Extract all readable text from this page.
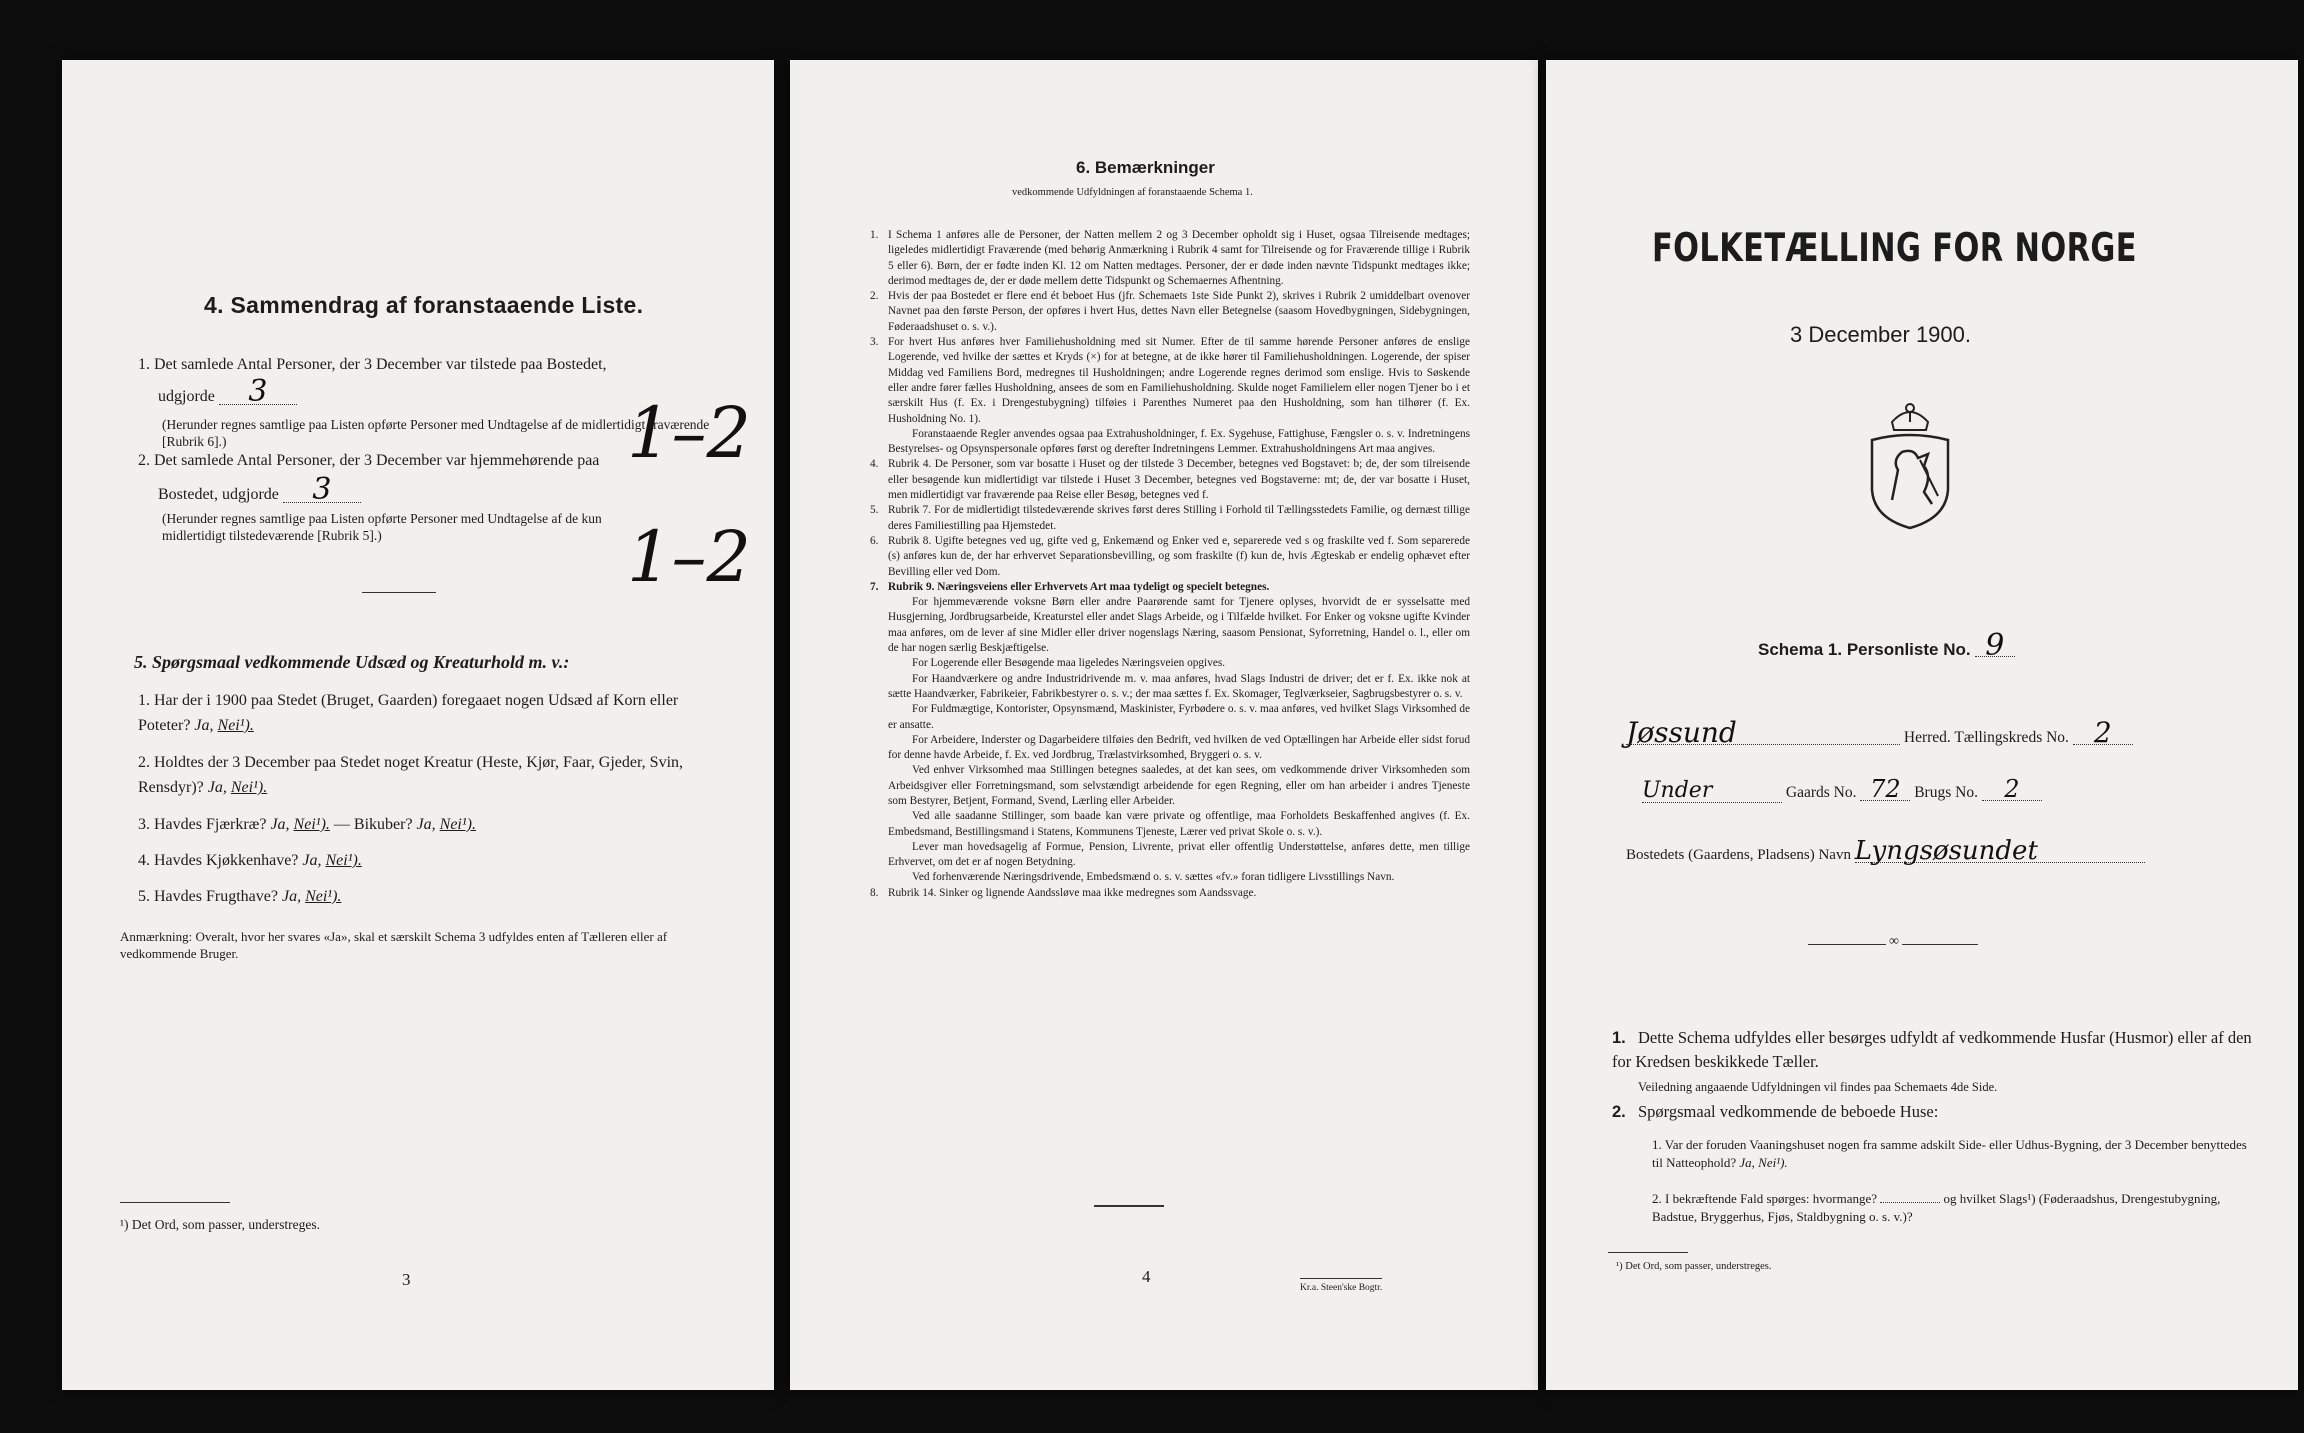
4. Sammendrag af foranstaaende Liste.
1. Det samlede Antal Personer, der 3 December var tilstede paa Bostedet,
udgjorde 3
1–2
(Herunder regnes samtlige paa Listen opførte Personer med Undtagelse af de midlertidigt fraværende [Rubrik 6].)
2. Det samlede Antal Personer, der 3 December var hjemmehørende paa
Bostedet, udgjorde 3
1–2
(Herunder regnes samtlige paa Listen opførte Personer med Undtagelse af de kun midlertidigt tilstedeværende [Rubrik 5].)
5. Spørgsmaal vedkommende Udsæd og Kreaturhold m. v.:
1. Har der i 1900 paa Stedet (Bruget, Gaarden) foregaaet nogen Udsæd af Korn eller Poteter? Ja, Nei¹).
2. Holdtes der 3 December paa Stedet noget Kreatur (Heste, Kjør, Faar, Gjeder, Svin, Rensdyr)? Ja, Nei¹).
3. Havdes Fjærkræ? Ja, Nei¹). — Bikuber? Ja, Nei¹).
4. Havdes Kjøkkenhave? Ja, Nei¹).
5. Havdes Frugthave? Ja, Nei¹).
Anmærkning: Overalt, hvor her svares «Ja», skal et særskilt Schema 3 udfyldes enten af Tælleren eller af vedkommende Bruger.
¹) Det Ord, som passer, understreges.
3
6. Bemærkninger
vedkommende Udfyldningen af foranstaaende Schema 1.

1. I Schema 1 anføres alle de Personer, der Natten mellem 2 og 3 December opholdt sig i Huset, ogsaa Tilreisende medtages; ligeledes midlertidigt Fraværende (med behørig Anmærkning i Rubrik 4 samt for Tilreisende og for Fraværende tillige i Rubrik 5 eller 6). Børn, der er fødte inden Kl. 12 om Natten medtages. Personer, der er døde inden nævnte Tidspunkt medtages ikke; derimod medtages de, der er døde mellem dette Tidspunkt og Schemaernes Afhentning.

2. Hvis der paa Bostedet er flere end ét beboet Hus (jfr. Schemaets 1ste Side Punkt 2), skrives i Rubrik 2 umiddelbart ovenover Navnet paa den første Person, der opføres i hvert Hus, dettes Navn eller Betegnelse (saasom Hovedbygningen, Sidebygningen, Føderaadshuset o. s. v.).

3. For hvert Hus anføres hver Familiehusholdning med sit Numer. Efter de til samme hørende Personer anføres de enslige Logerende, ved hvilke der sættes et Kryds (×) for at betegne, at de ikke hører til Familiehusholdningen. Logerende, der spiser Middag ved Familiens Bord, medregnes til Husholdningen; andre Logerende regnes derimod som enslige. Hvis to Søskende eller andre fører fælles Husholdning, ansees de som en Familiehusholdning. Skulde noget Familielem eller nogen Tjener bo i et særskilt Hus (f. Ex. i Drengestubygning) tilføies i Parenthes Numeret paa den Husholdning, som han tilhører (f. Ex. Husholdning No. 1).

Foranstaaende Regler anvendes ogsaa paa Extrahusholdninger, f. Ex. Sygehuse, Fattighuse, Fængsler o. s. v. Indretningens Bestyrelses- og Opsynspersonale opføres først og derefter Indretningens Lemmer. Extrahusholdningens Art maa angives.

4. Rubrik 4. De Personer, som var bosatte i Huset og der tilstede 3 December, betegnes ved Bogstavet: b; de, der som tilreisende eller besøgende kun midlertidigt var tilstede i Huset 3 December, betegnes ved Bogstaverne: mt; de, der var bosatte i Huset, men midlertidigt var fraværende paa Reise eller Besøg, betegnes ved f.

5. Rubrik 7. For de midlertidigt tilstedeværende skrives først deres Stilling i Forhold til Tællingsstedets Familie, og dernæst tillige deres Familiestilling paa Hjemstedet.

6. Rubrik 8. Ugifte betegnes ved ug, gifte ved g, Enkemænd og Enker ved e, separerede ved s og fraskilte ved f. Som separerede (s) anføres kun de, der har erhvervet Separationsbevilling, og som fraskilte (f) kun de, hvis Ægteskab er endelig ophævet efter Bevilling eller ved Dom.

7. Rubrik 9. Næringsveiens eller Erhvervets Art maa tydeligt og specielt betegnes.

For hjemmeværende voksne Børn eller andre Paarørende samt for Tjenere oplyses, hvorvidt de er sysselsatte med Husgjerning, Jordbrugsarbeide, Kreaturstel eller andet Slags Arbeide, og i Tilfælde hvilket. For Enker og voksne ugifte Kvinder maa anføres, om de lever af sine Midler eller driver nogenslags Næring, saasom Pensionat, Syforretning, Handel o. l., eller om de har nogen særlig Beskjæftigelse.

For Logerende eller Besøgende maa ligeledes Næringsveien opgives.

For Haandværkere og andre Industridrivende m. v. maa anføres, hvad Slags Industri de driver; det er f. Ex. ikke nok at sætte Haandværker, Fabrikeier, Fabrikbestyrer o. s. v.; der maa sættes f. Ex. Skomager, Teglværkseier, Sagbrugsbestyrer o. s. v.

For Fuldmægtige, Kontorister, Opsynsmænd, Maskinister, Fyrbødere o. s. v. maa anføres, ved hvilket Slags Virksomhed de er ansatte.

For Arbeidere, Inderster og Dagarbeidere tilføies den Bedrift, ved hvilken de ved Optællingen har Arbeide eller sidst forud for denne havde Arbeide, f. Ex. ved Jordbrug, Trælastvirksomhed, Bryggeri o. s. v.

Ved enhver Virksomhed maa Stillingen betegnes saaledes, at det kan sees, om vedkommende driver Virksomheden som Arbeidsgiver eller Forretningsmand, som selvstændigt arbeidende for egen Regning, eller om han arbeider i andres Tjeneste som Bestyrer, Betjent, Formand, Svend, Lærling eller Arbeider.

Ved alle saadanne Stillinger, som baade kan være private og offentlige, maa Forholdets Beskaffenhed angives (f. Ex. Embedsmand, Bestillingsmand i Statens, Kommunens Tjeneste, Lærer ved privat Skole o. s. v.).

Lever man hovedsagelig af Formue, Pension, Livrente, privat eller offentlig Understøttelse, anføres dette, men tillige Erhvervet, om det er af nogen Betydning.

Ved forhenværende Næringsdrivende, Embedsmænd o. s. v. sættes «fv.» foran tidligere Livsstillings Navn.

8. Rubrik 14. Sinker og lignende Aandssløve maa ikke medregnes som Aandssvage.

4
Kr.a. Steen'ske Bogtr.
FOLKETÆLLING FOR NORGE
3 December 1900.
Schema 1. Personliste No. 9
Jøssund	Herred. Tællingskreds No. 2
Under	Gaards No. 72 Brugs No. 2
Bostedets (Gaardens, Pladsens) Navn Lyngsøsundet
∞
1. Dette Schema udfyldes eller besørges udfyldt af vedkommende Husfar (Husmor) eller af den for Kredsen beskikkede Tæller.
Veiledning angaaende Udfyldningen vil findes paa Schemaets 4de Side.
2. Spørgsmaal vedkommende de beboede Huse:
1. Var der foruden Vaaningshuset nogen fra samme adskilt Side- eller Udhus-Bygning, der 3 December benyttedes til Natteophold? Ja, Nei¹).
2. I bekræftende Fald spørges: hvormange?	og hvilket Slags¹) (Føderaadshus, Drengestubygning, Badstue, Bryggerhus, Fjøs, Staldbygning o. s. v.)?
¹) Det Ord, som passer, understreges.
